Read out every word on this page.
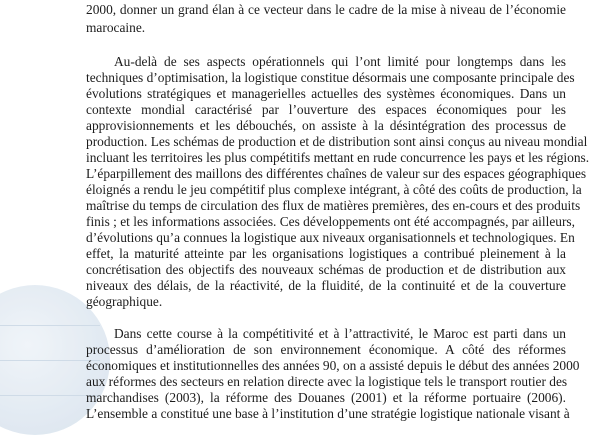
2000, donner un grand élan à ce vecteur dans le cadre de la mise à niveau de l’économie
marocaine.
Au-delà de ses aspects opérationnels qui l’ont limité pour longtemps dans les
techniques d’optimisation, la logistique constitue désormais une composante principale des
évolutions stratégiques et managerielles actuelles des systèmes économiques. Dans un
contexte mondial caractérisé par l’ouverture des espaces économiques pour les
approvisionnements et les débouchés, on assiste à la désintégration des processus de
production. Les schémas de production et de distribution sont ainsi conçus au niveau mondial
incluant les territoires les plus compétitifs mettant en rude concurrence les pays et les régions.
L’éparpillement des maillons des différentes chaînes de valeur sur des espaces géographiques
éloignés a rendu le jeu compétitif plus complexe intégrant, à côté des coûts de production, la
maîtrise du temps de circulation des flux de matières premières, des en-cours et des produits
finis ; et les informations associées. Ces développements ont été accompagnés, par ailleurs,
d’évolutions qu’a connues la logistique aux niveaux organisationnels et technologiques. En
effet, la maturité atteinte par les organisations logistiques a contribué pleinement à la
concrétisation des objectifs des nouveaux schémas de production et de distribution aux
niveaux des délais, de la réactivité, de la fluidité, de la continuité et de la couverture
géographique.
Dans cette course à la compétitivité et à l’attractivité, le Maroc est parti dans un
processus d’amélioration de son environnement économique. A côté des réformes
économiques et institutionnelles des années 90, on a assisté depuis le début des années 2000
aux réformes des secteurs en relation directe avec la logistique tels le transport routier des
marchandises (2003), la réforme des Douanes (2001) et la réforme portuaire (2006).
L’ensemble a constitué une base à l’institution d’une stratégie logistique nationale visant à
